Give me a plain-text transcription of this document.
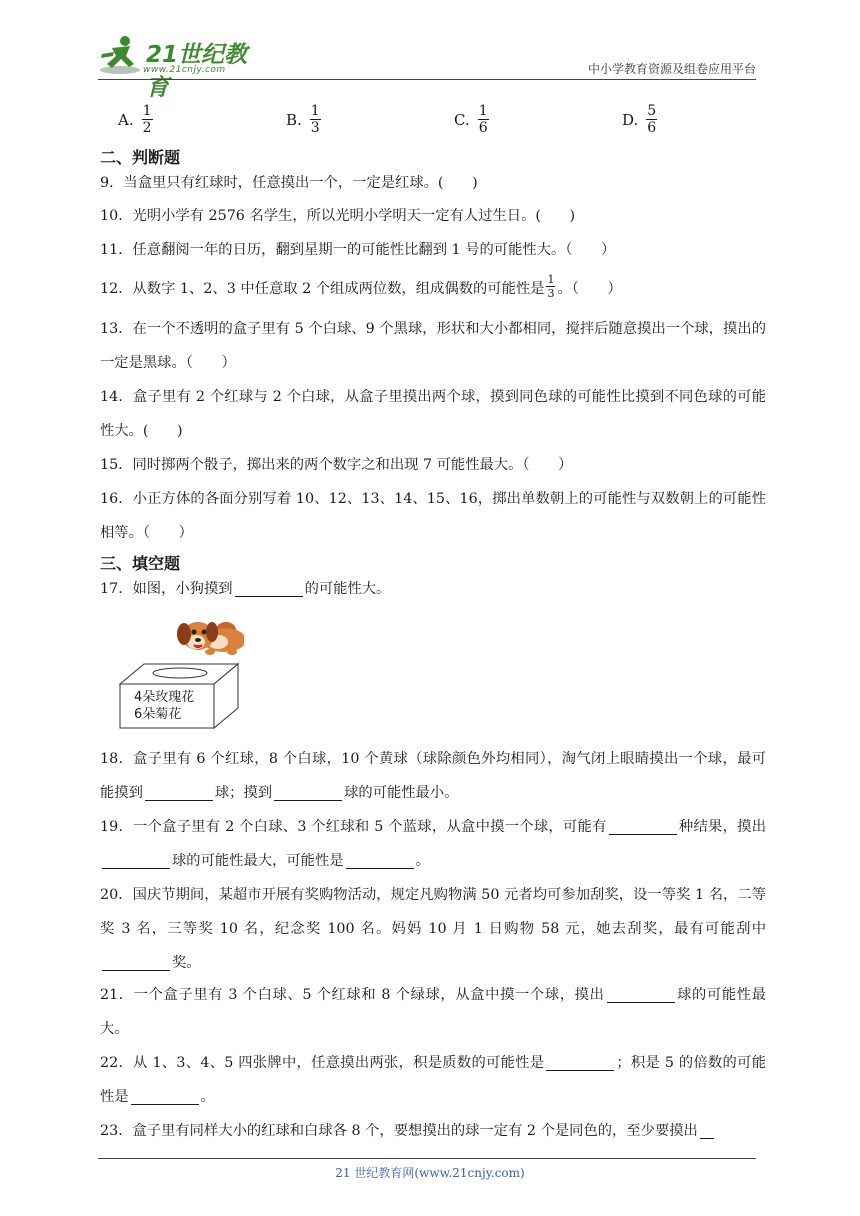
21世纪教育
www.21cnjy.com	中小学教育资源及组卷应用平台
A. $\frac{1}{2}$	B. $\frac{1}{3}$	C. $\frac{1}{6}$	D. $\frac{5}{6}$
二、判断题
9．当盒里只有红球时，任意摸出一个，一定是红球。(  )
10．光明小学有 2576 名学生，所以光明小学明天一定有人过生日。(  )
11．任意翻阅一年的日历，翻到星期一的可能性比翻到 1 号的可能性大。（  ）
12．从数字 1、2、3 中任意取 2 个组成两位数，组成偶数的可能性是 $\frac{1}{3}$ 。（  ）
13．在一个不透明的盒子里有 5 个白球、9 个黑球，形状和大小都相同，搅拌后随意摸出一个球，摸出的一定是黑球。（  ）
14．盒子里有 2 个红球与 2 个白球，从盒子里摸出两个球，摸到同色球的可能性比摸到不同色球的可能性大。(  )
15．同时掷两个骰子，掷出来的两个数字之和出现 7 可能性最大。（  ）
16．小正方体的各面分别写着 10、12、13、14、15、16，掷出单数朝上的可能性与双数朝上的可能性相等。（  ）
三、填空题
17．如图，小狗摸到	的可能性大。
4朵玫瑰花
6朵菊花
18．盒子里有 6 个红球，8 个白球，10 个黄球（球除颜色外均相同），淘气闭上眼睛摸出一个球，最可能摸到	球；摸到	球的可能性最小。
19．一个盒子里有 2 个白球、3 个红球和 5 个蓝球，从盒中摸一个球，可能有	种结果，摸出球的可能性最大，可能性是	。
20．国庆节期间，某超市开展有奖购物活动，规定凡购物满 50 元者均可参加刮奖，设一等奖 1 名，二等奖 3 名，三等奖 10 名，纪念奖 100 名。妈妈 10 月 1 日购物 58 元，她去刮奖，最有可能刮中奖。
21．一个盒子里有 3 个白球、5 个红球和 8 个绿球，从盒中摸一个球，摸出	球的可能性最大。
22．从 1、3、4、5 四张牌中，任意摸出两张，积是质数的可能性是	；积是 5 的倍数的可能性是	。
23．盒子里有同样大小的红球和白球各 8 个，要想摸出的球一定有 2 个是同色的，至少要摸出
21 世纪教育网(www.21cnjy.com)
